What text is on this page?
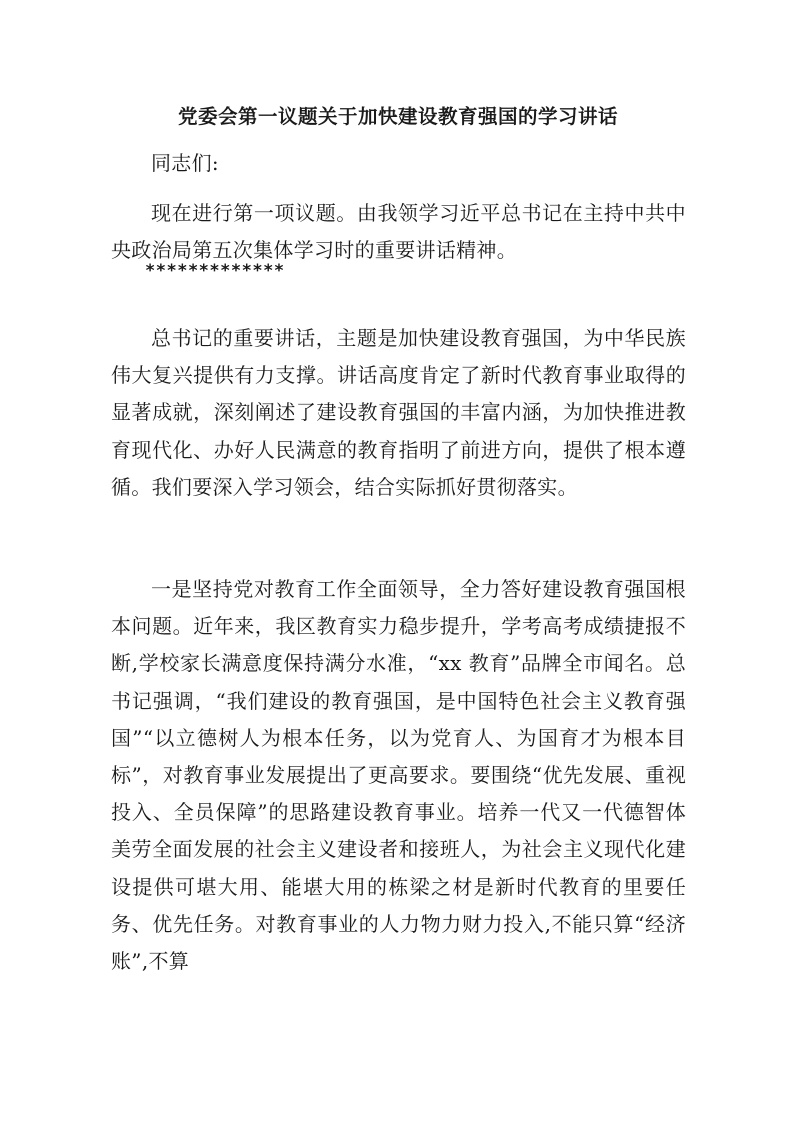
党委会第一议题关于加快建设教育强国的学习讲话

同志们:

现在进行第一项议题。由我领学习近平总书记在主持中共中央政治局第五次集体学习时的重要讲话精神。

*************

总书记的重要讲话，主题是加快建设教育强国，为中华民族伟大复兴提供有力支撑。讲话高度肯定了新时代教育事业取得的显著成就，深刻阐述了建设教育强国的丰富内涵，为加快推进教育现代化、办好人民满意的教育指明了前进方向，提供了根本遵循。我们要深入学习领会，结合实际抓好贯彻落实。

一是坚持党对教育工作全面领导，全力答好建设教育强国根本问题。近年来，我区教育实力稳步提升，学考高考成绩捷报不断,学校家长满意度保持满分水准，“xx 教育”品牌全市闻名。总书记强调，“我们建设的教育强国，是中国特色社会主义教育强国”“以立德树人为根本任务，以为党育人、为国育才为根本目标”，对教育事业发展提出了更高要求。要围绕“优先发展、重视投入、全员保障”的思路建设教育事业。培养一代又一代德智体美劳全面发展的社会主义建设者和接班人，为社会主义现代化建设提供可堪大用、能堪大用的栋梁之材是新时代教育的里要任务、优先任务。对教育事业的人力物力财力投入,不能只算“经济账”,不算
